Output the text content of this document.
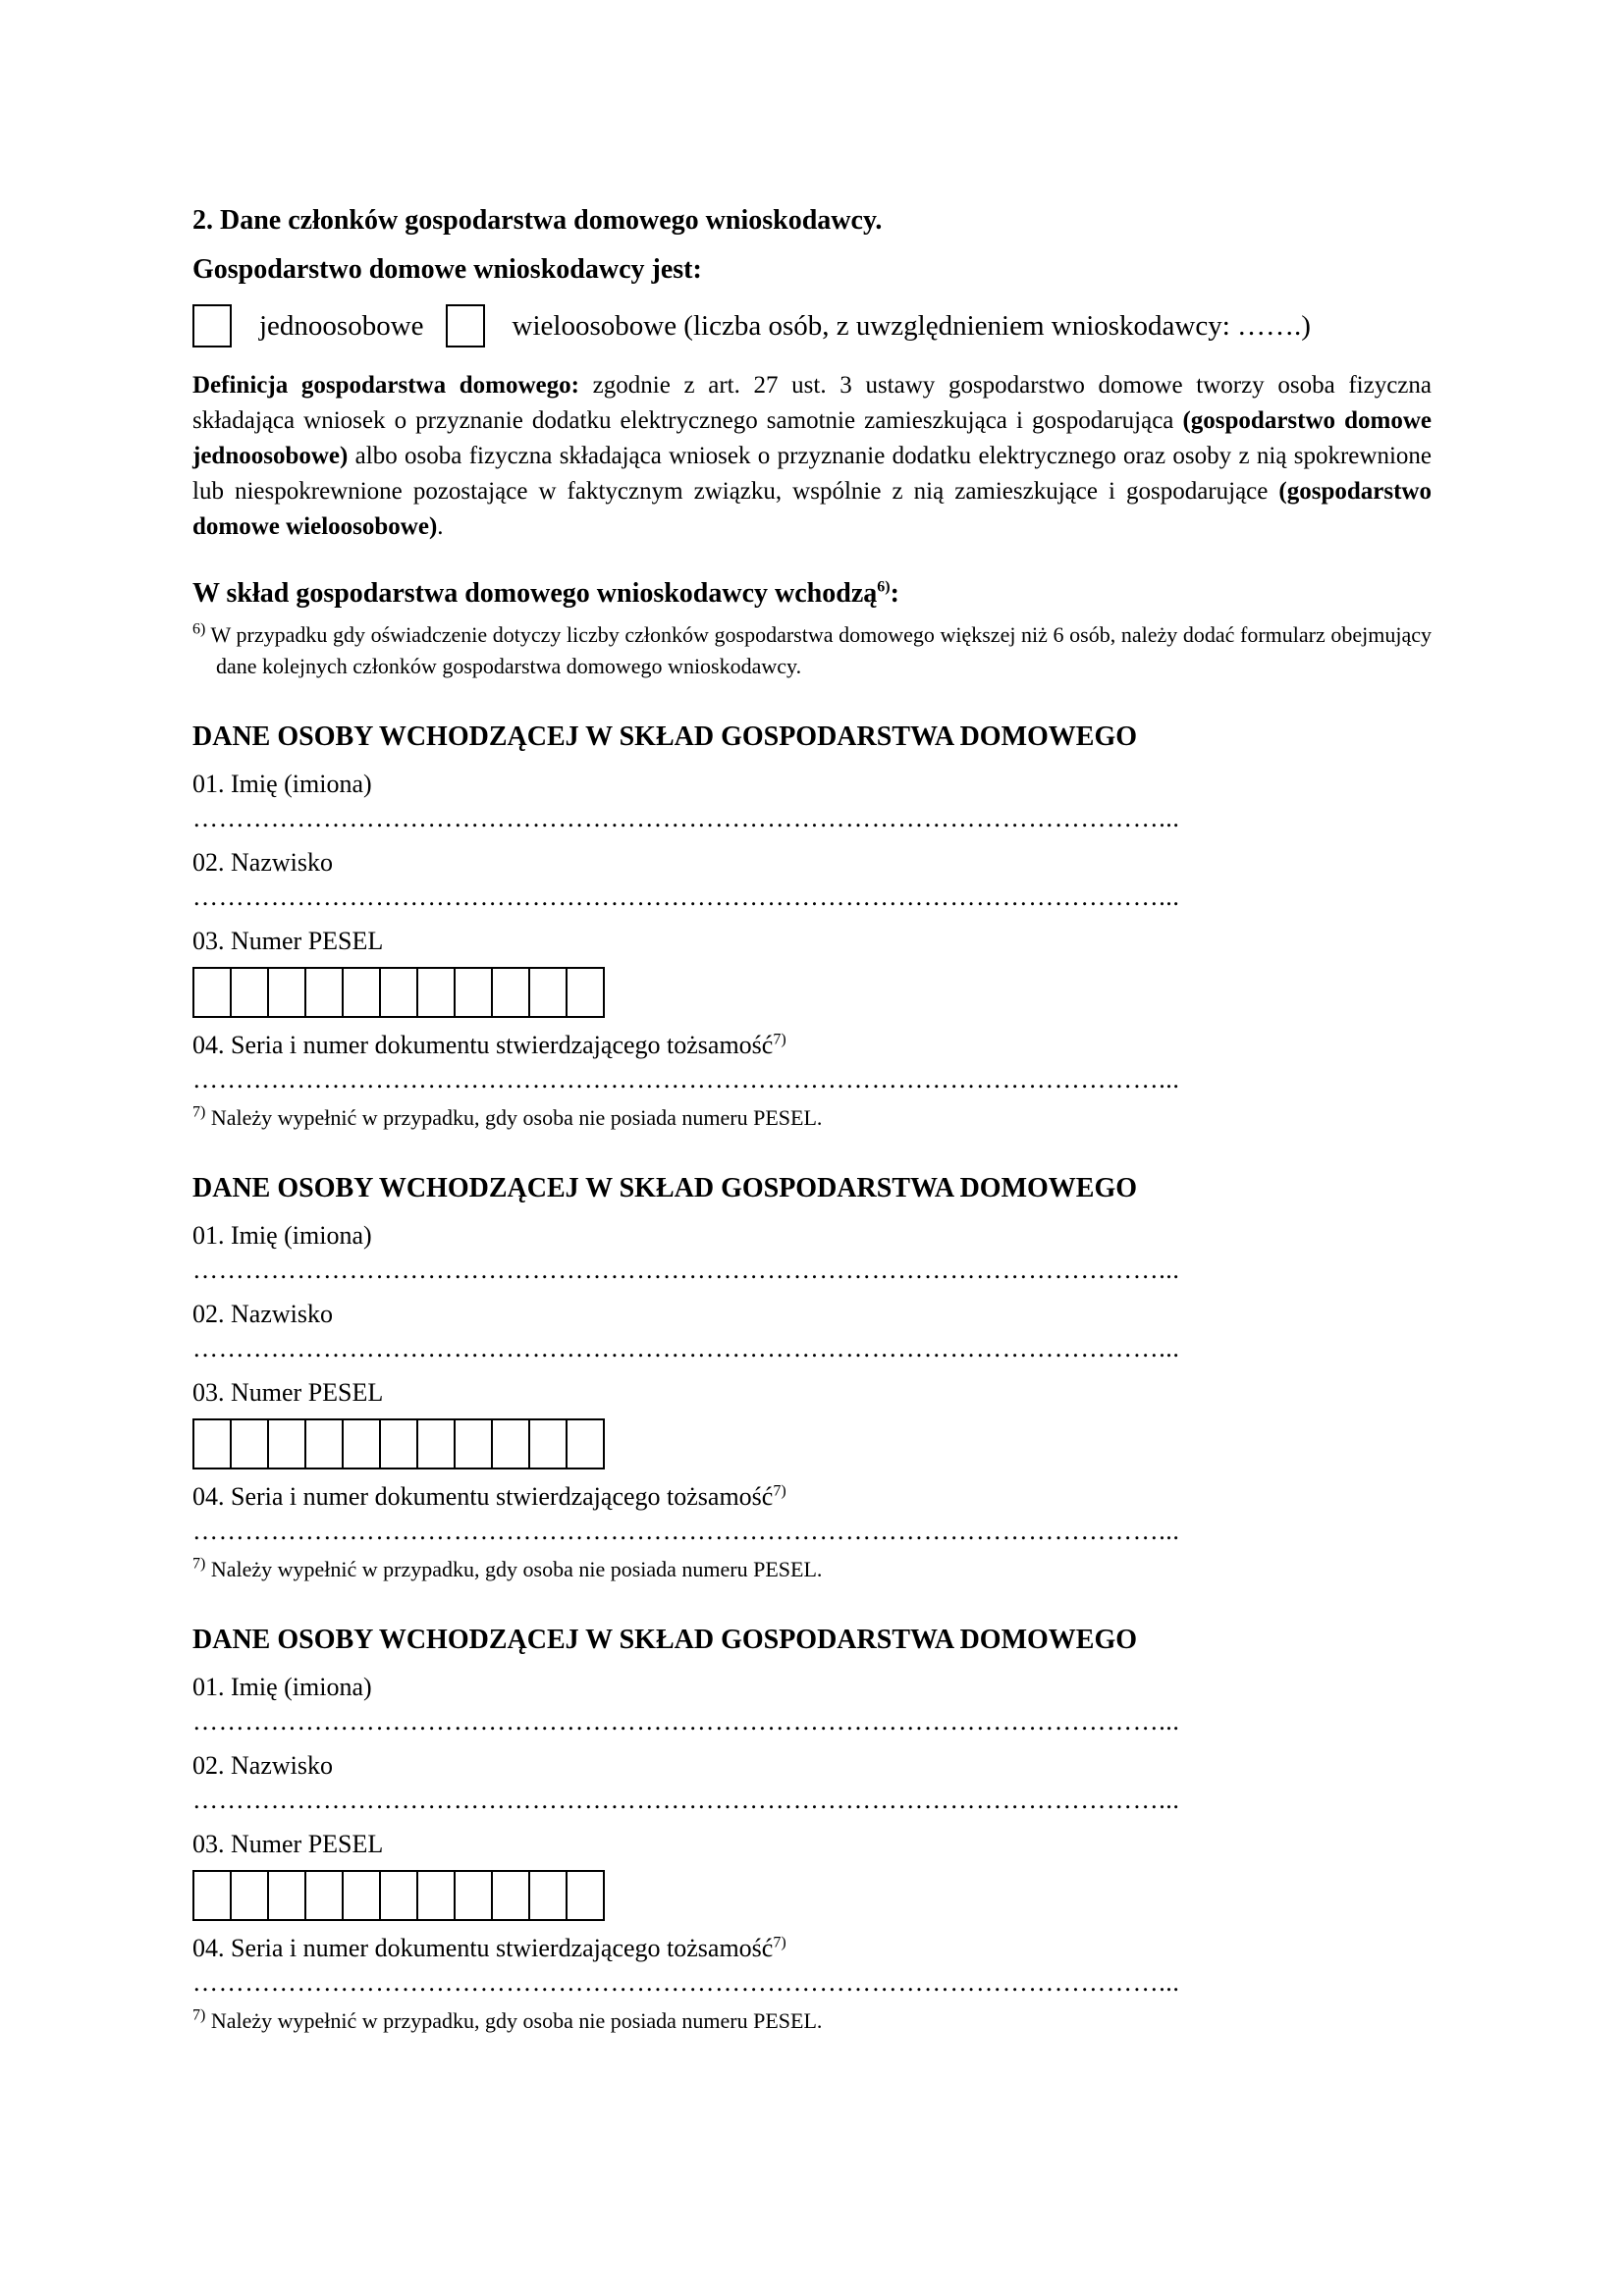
2. Dane członków gospodarstwa domowego wnioskodawcy.
Gospodarstwo domowe wnioskodawcy jest:
jednoosobowe	wieloosobowe (liczba osób, z uwzględnieniem wnioskodawcy: …….)
Definicja gospodarstwa domowego: zgodnie z art. 27 ust. 3 ustawy gospodarstwo domowe tworzy osoba fizyczna składająca wniosek o przyznanie dodatku elektrycznego samotnie zamieszkująca i gospodarująca (gospodarstwo domowe jednoosobowe) albo osoba fizyczna składająca wniosek o przyznanie dodatku elektrycznego oraz osoby z nią spokrewnione lub niespokrewnione pozostające w faktycznym związku, wspólnie z nią zamieszkujące i gospodarujące (gospodarstwo domowe wieloosobowe).
W skład gospodarstwa domowego wnioskodawcy wchodzą$^{6)}$:
$^{6)}$ W przypadku gdy oświadczenie dotyczy liczby członków gospodarstwa domowego większej niż 6 osób, należy dodać formularz obejmujący dane kolejnych członków gospodarstwa domowego wnioskodawcy.
DANE OSOBY WCHODZĄCEJ W SKŁAD GOSPODARSTWA DOMOWEGO
01. Imię (imiona)
…………………………………………………………………………………………………...
02. Nazwisko
…………………………………………………………………………………………………...
03. Numer PESEL
04. Seria i numer dokumentu stwierdzającego tożsamość$^{7)}$
…………………………………………………………………………………………………...
$^{7)}$ Należy wypełnić w przypadku, gdy osoba nie posiada numeru PESEL.
DANE OSOBY WCHODZĄCEJ W SKŁAD GOSPODARSTWA DOMOWEGO
01. Imię (imiona)
…………………………………………………………………………………………………...
02. Nazwisko
…………………………………………………………………………………………………...
03. Numer PESEL
04. Seria i numer dokumentu stwierdzającego tożsamość$^{7)}$
…………………………………………………………………………………………………...
$^{7)}$ Należy wypełnić w przypadku, gdy osoba nie posiada numeru PESEL.
DANE OSOBY WCHODZĄCEJ W SKŁAD GOSPODARSTWA DOMOWEGO
01. Imię (imiona)
…………………………………………………………………………………………………...
02. Nazwisko
…………………………………………………………………………………………………...
03. Numer PESEL
04. Seria i numer dokumentu stwierdzającego tożsamość$^{7)}$
…………………………………………………………………………………………………...
$^{7)}$ Należy wypełnić w przypadku, gdy osoba nie posiada numeru PESEL.
